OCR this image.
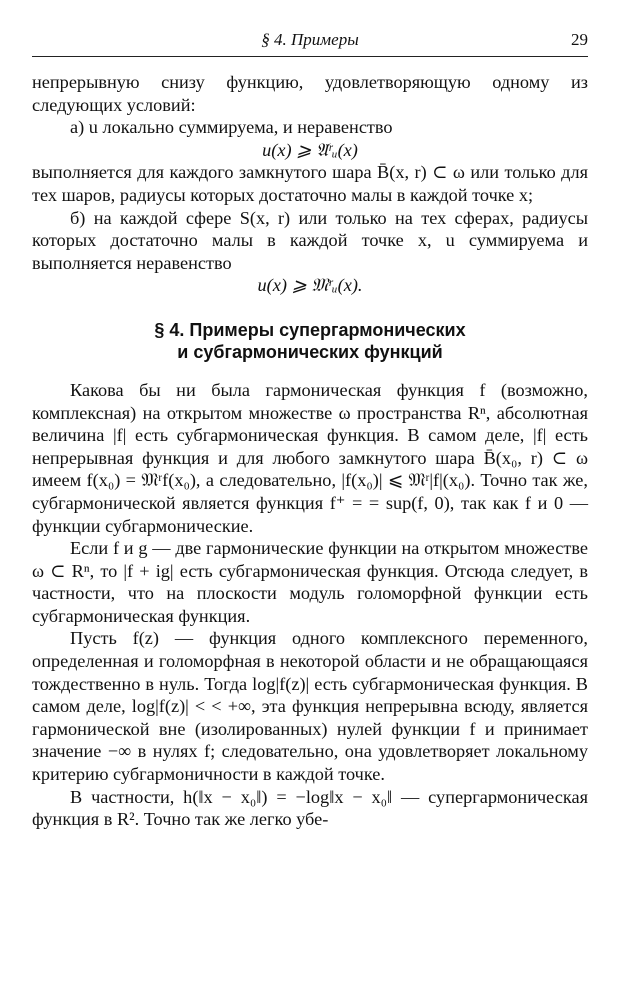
§ 4. Примеры	29

непрерывную снизу функцию, удовлетворяющую одному из следующих условий:

а) u локально суммируема, и неравенство

u(x) ⩾ 𝔄ʳᵤ(x)

выполняется для каждого замкнутого шара B̄(x, r) ⊂ ω или только для тех шаров, радиусы которых достаточно малы в каждой точке x;

б) на каждой сфере S(x, r) или только на тех сферах, радиусы которых достаточно малы в каждой точке x, u суммируема и выполняется неравенство

u(x) ⩾ 𝔐ʳᵤ(x).

§ 4. Примеры супергармонических
и субгармонических функций

Какова бы ни была гармоническая функция f (возможно, комплексная) на открытом множестве ω пространства Rⁿ, абсолютная величина |f| есть субгармоническая функция. В самом деле, |f| есть непрерывная функция и для любого замкнутого шара B̄(x₀, r) ⊂ ω имеем f(x₀) = 𝔐ʳf(x₀), а следовательно, |f(x₀)| ⩽ 𝔐ʳ|f|(x₀). Точно так же, субгармонической является функция f⁺ = = sup(f, 0), так как f и 0 — функции субгармонические.

Если f и g — две гармонические функции на открытом множестве ω ⊂ Rⁿ, то |f + ig| есть субгармоническая функция. Отсюда следует, в частности, что на плоскости модуль голоморфной функции есть субгармоническая функция.

Пусть f(z) — функция одного комплексного переменного, определенная и голоморфная в некоторой области и не обращающаяся тождественно в нуль. Тогда log|f(z)| есть субгармоническая функция. В самом деле, log|f(z)| < < +∞, эта функция непрерывна всюду, является гармонической вне (изолированных) нулей функции f и принимает значение −∞ в нулях f; следовательно, она удовлетворяет локальному критерию субгармоничности в каждой точке.

В частности, h(‖x − x₀‖) = −log‖x − x₀‖ — супергармоническая функция в R². Точно так же легко убе-
